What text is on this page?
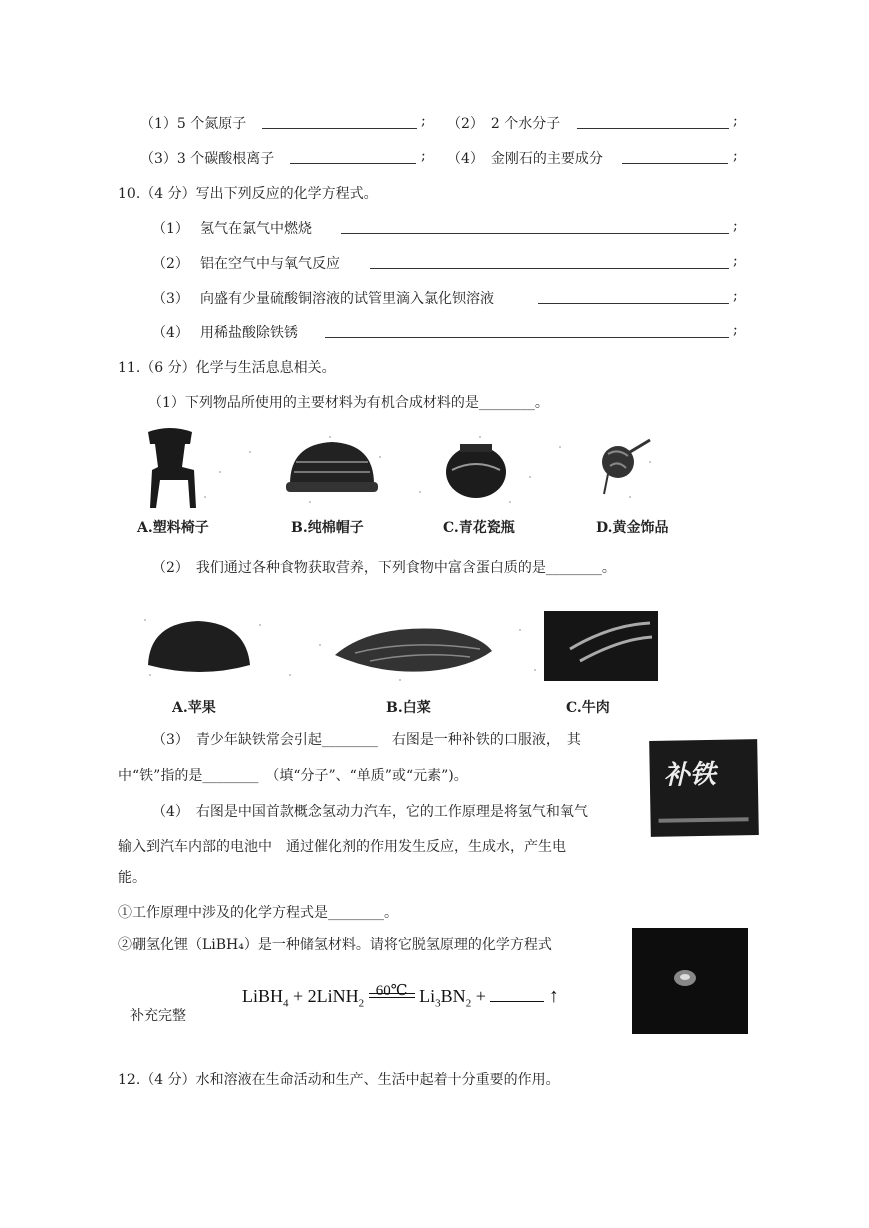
（1）5 个氮原子	; （2）　2 个水分子	;
（3）3 个碳酸根离子	; （4）　金刚石的主要成分	;
10.（4 分）写出下列反应的化学方程式。
（1） 氢气在氯气中燃烧	;
（2） 铝在空气中与氧气反应	;
（3） 向盛有少量硫酸铜溶液的试管里滴入氯化钡溶液	;
（4） 用稀盐酸除铁锈	;
11.（6 分）化学与生活息息相关。
（1）下列物品所使用的主要材料为有机合成材料的是________。
A.塑料椅子	B.纯棉帽子	C.青花瓷瓶	D.黄金饰品
（2）　我们通过各种食物获取营养，下列食物中富含蛋白质的是________。
A.苹果	B.白菜	C.牛肉
（3）　青少年缺铁常会引起________　右图是一种补铁的口服液，　其
中“铁”指的是________　（填“分子”、“单质”或“元素”)。	补铁
（4）　右图是中国首款概念氢动力汽车，它的工作原理是将氢气和氧气
输入到汽车内部的电池中　通过催化剂的作用发生反应，生成水，产生电
能。
①工作原理中涉及的化学方程式是________。
②硼氢化锂（LiBH₄）是一种储氢材料。请将它脱氢原理的化学方程式
LiBH$_4$ + 2LiNH$_2$
60℃ $Li_3BN_2$ +	↑
补充完整
12.（4 分）水和溶液在生命活动和生产、生活中起着十分重要的作用。
